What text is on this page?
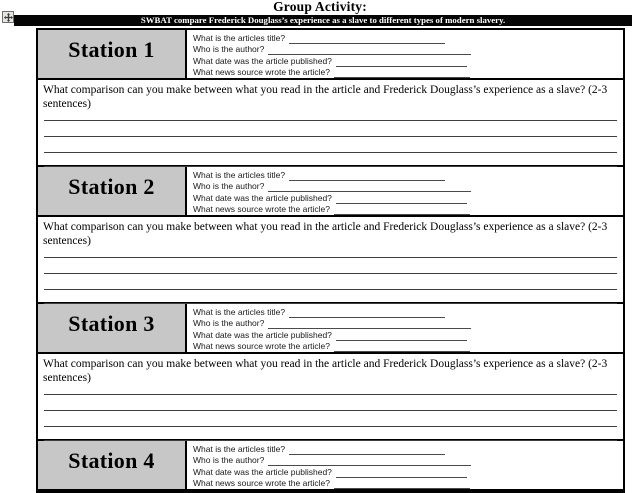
Group Activity:
SWBAT compare Frederick Douglass’s experience as a slave to different types of modern slavery.
Station 1	What is the articles title?
Who is the author?
What date was the article published?
What news source wrote the article?
What comparison can you make between what you read in the article and Frederick Douglass’s experience as a slave? (2-3 sentences)
Station 2	What is the articles title?
Who is the author?
What date was the article published?
What news source wrote the article?
What comparison can you make between what you read in the article and Frederick Douglass’s experience as a slave? (2-3 sentences)
Station 3	What is the articles title?
Who is the author?
What date was the article published?
What news source wrote the article?
What comparison can you make between what you read in the article and Frederick Douglass’s experience as a slave? (2-3 sentences)
Station 4	What is the articles title?
Who is the author?
What date was the article published?
What news source wrote the article?
